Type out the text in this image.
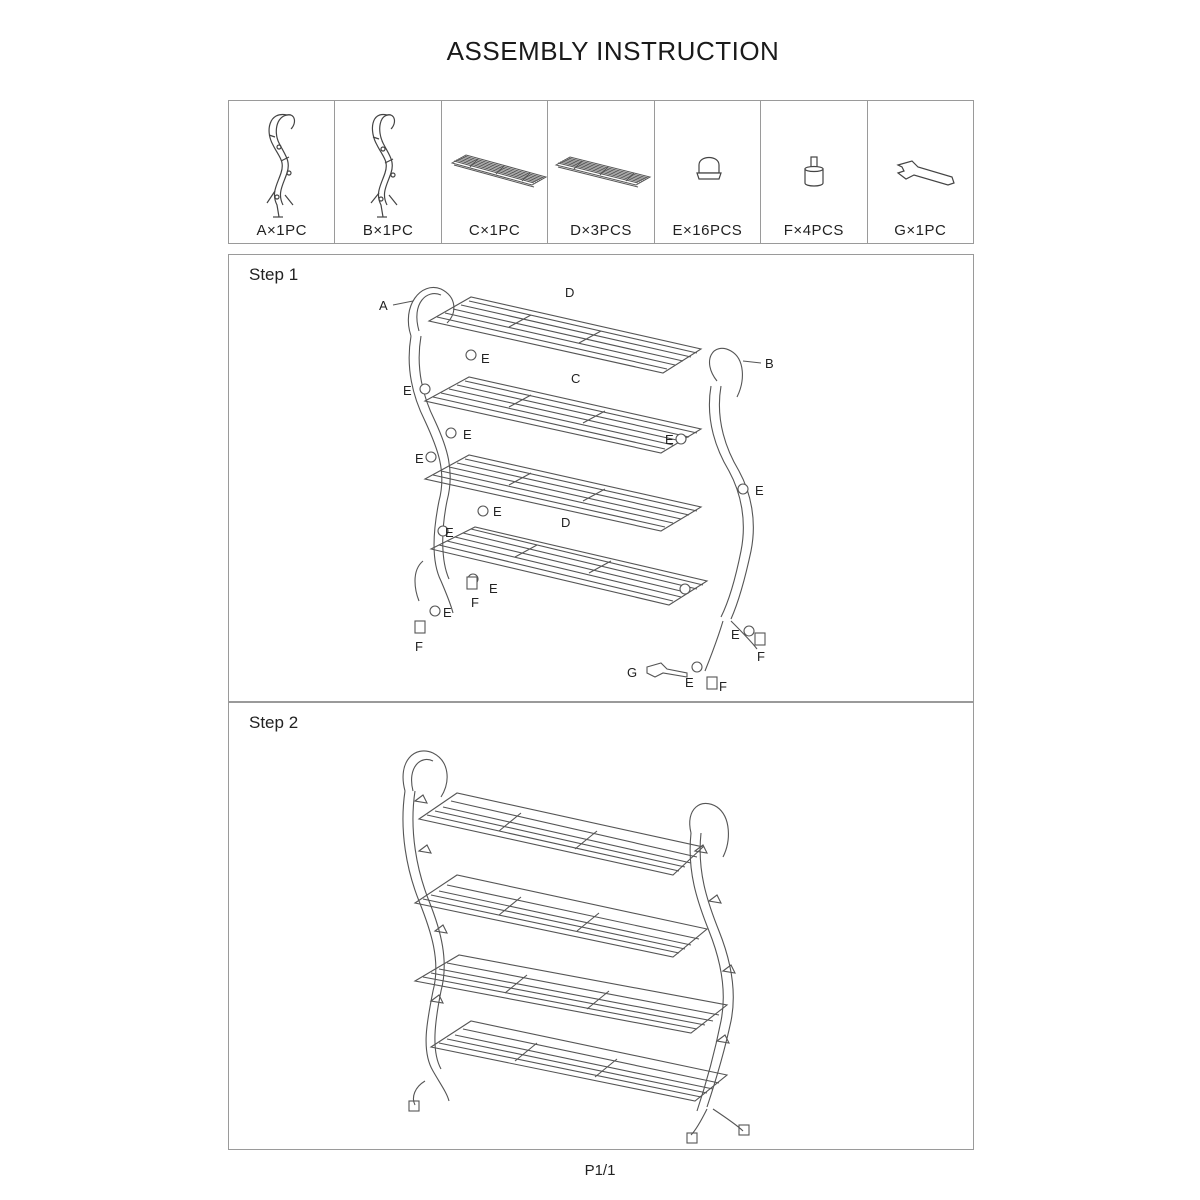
ASSEMBLY INSTRUCTION
A×1PC	B×1PC	C×1PC	D×3PCS	E×16PCS	F×4PCS	G×1PC
Step 1
A
D
B
C
E
E
E
E
E
E
D
E
E
E
F
E
F
E
F
G
E F
Step 2
P1/1
